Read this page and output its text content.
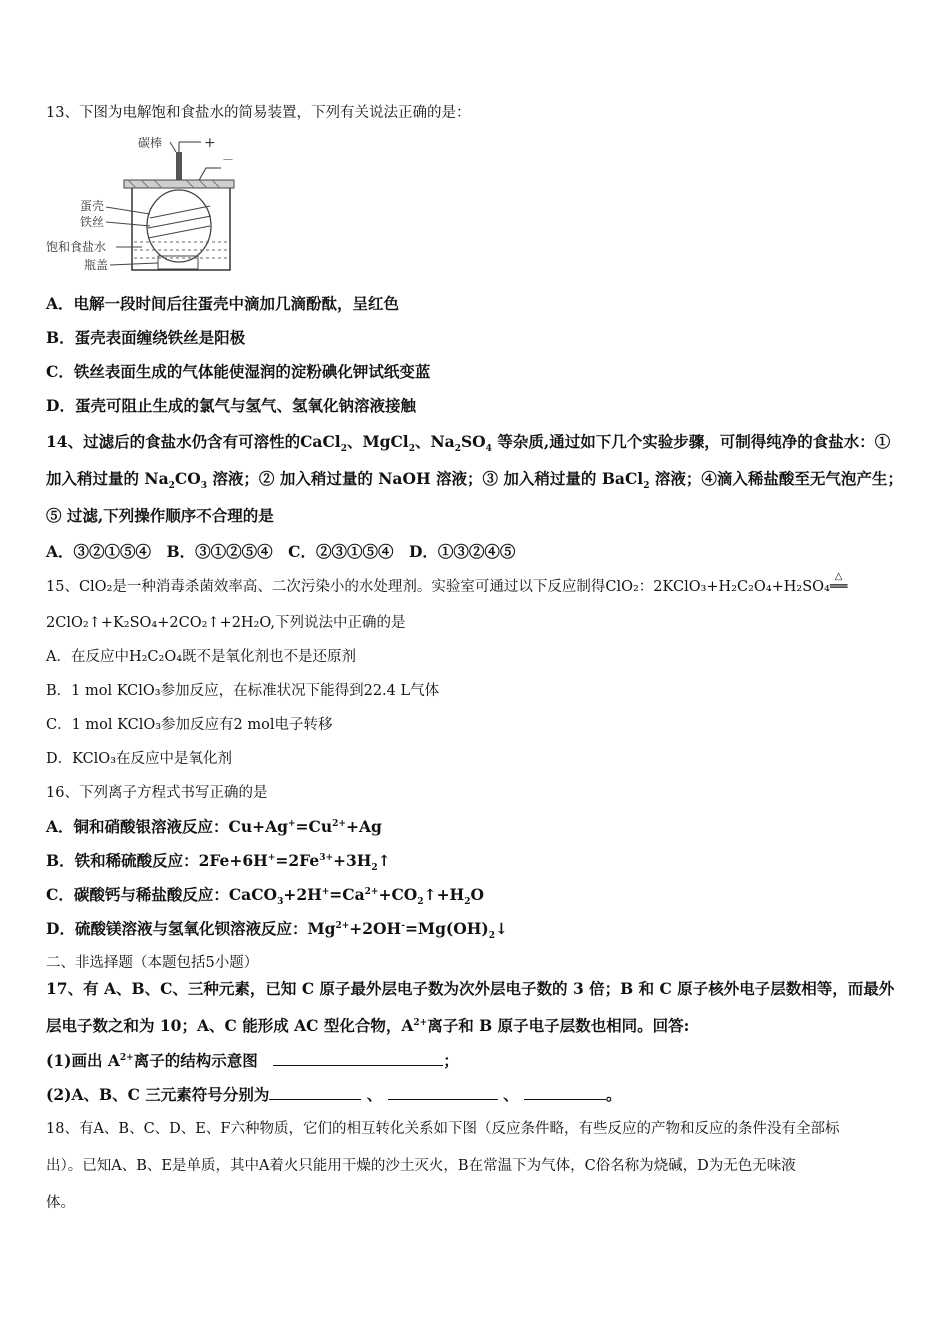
13、下图为电解饱和食盐水的简易装置，下列有关说法正确的是：
碳棒	+
－
蛋壳
铁丝
饱和食盐水
瓶盖
A．电解一段时间后往蛋壳中滴加几滴酚酞，呈红色
B．蛋壳表面缠绕铁丝是阳极
C．铁丝表面生成的气体能使湿润的淀粉碘化钾试纸变蓝
D．蛋壳可阻止生成的氯气与氢气、氢氧化钠溶液接触
14、过滤后的食盐水仍含有可溶性的CaCl$_2$、MgCl$_2$、$Na_2SO_4$ 等杂质,通过如下几个实验步骤，可制得纯净的食盐水：①
加入稍过量的 $Na_2CO_3$ 溶液；② 加入稍过量的 NaOH 溶液；③ 加入稍过量的 BaCl$_2$ 溶液；④滴入稀盐酸至无气泡产生；
⑤ 过滤,下列操作顺序不合理的是
A．③②①⑤④　B．③①②⑤④　C．②③①⑤④　D．①③②④⑤
15、ClO₂是一种消毒杀菌效率高、二次污染小的水处理剂。实验室可通过以下反应制得ClO₂：2KClO₃+H₂C₂O₄+H₂SO₄
△
══
2ClO₂↑+K₂SO₄+2CO₂↑+2H₂O,下列说法中正确的是
A．在反应中H₂C₂O₄既不是氧化剂也不是还原剂
B．1 mol KClO₃参加反应，在标准状况下能得到22.4 L气体
C．1 mol KClO₃参加反应有2 mol电子转移
D．KClO₃在反应中是氧化剂
16、下列离子方程式书写正确的是
A．铜和硝酸银溶液反应：$Cu+Ag^+=Cu^{2+}+Ag$
B．铁和稀硫酸反应：$2Fe+6H^+=2Fe^{3+}+3H_2↑$
C．碳酸钙与稀盐酸反应：$CaCO_3+2H^+=Ca^{2+}+CO_2↑+H_2O$
D．硫酸镁溶液与氢氧化钡溶液反应：$Mg^{2+}+2OH^-=Mg(OH)_2↓$
二、非选择题（本题包括5小题）
17、有 A、B、C、三种元素，已知 C 原子最外层电子数为次外层电子数的 3 倍；B 和 C 原子核外电子层数相等，而最外
层电子数之和为 10；A、C 能形成 AC 型化合物，$A^{2+}$离子和 B 原子电子层数也相同。回答:
(1)画出 $A^{2+}$离子的结构示意图　	；
(2)A、B、C 三元素符号分别为	、	、	。
18、有A、B、C、D、E、F六种物质，它们的相互转化关系如下图（反应条件略，有些反应的产物和反应的条件没有全部标
出）。已知A、B、E是单质，其中A着火只能用干燥的沙土灭火，B在常温下为气体，C俗名称为烧碱，D为无色无味液
体。
